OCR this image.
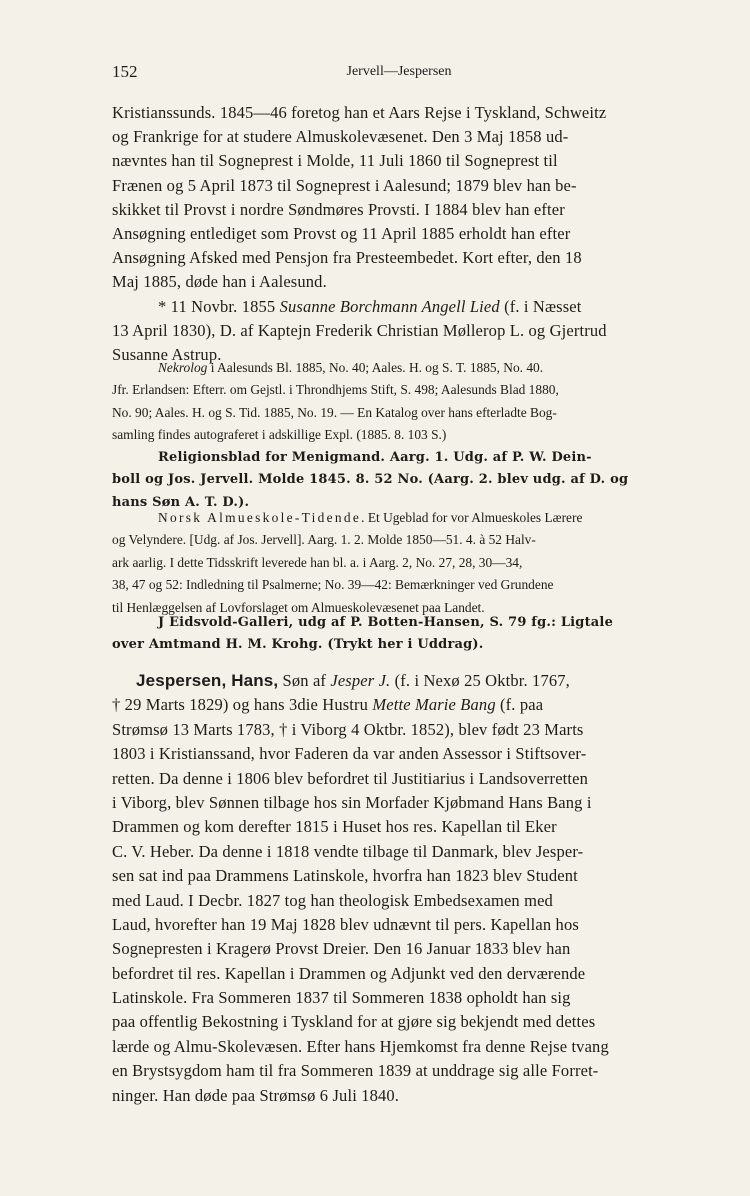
152	Jervell—Jespersen
Kristianssunds. 1845—46 foretog han et Aars Rejse i Tyskland, Schweitz
og Frankrige for at studere Almuskolevæsenet. Den 3 Maj 1858 ud-
nævntes han til Sogneprest i Molde, 11 Juli 1860 til Sogneprest til
Frænen og 5 April 1873 til Sogneprest i Aalesund; 1879 blev han be-
skikket til Provst i nordre Søndmøres Provsti. I 1884 blev han efter
Ansøgning entlediget som Provst og 11 April 1885 erholdt han efter
Ansøgning Afsked med Pensjon fra Presteembedet. Kort efter, den 18
Maj 1885, døde han i Aalesund.
* 11 Novbr. 1855 Susanne Borchmann Angell Lied (f. i Næsset
13 April 1830), D. af Kaptejn Frederik Christian Møllerop L. og Gjertrud
Susanne Astrup.
Nekrolog i Aalesunds Bl. 1885, No. 40; Aales. H. og S. T. 1885, No. 40.
Jfr. Erlandsen: Efterr. om Gejstl. i Throndhjems Stift, S. 498; Aalesunds Blad 1880,
No. 90; Aales. H. og S. Tid. 1885, No. 19. — En Katalog over hans efterladte Bog-
samling findes autograferet i adskillige Expl. (1885. 8. 103 S.)
Religionsblad for Menigmand. Aarg. 1. Udg. af P. W. Dein-
boll og Jos. Jervell. Molde 1845. 8. 52 No. (Aarg. 2. blev udg. af D. og
hans Søn A. T. D.).
Norsk Almueskole-Tidende. Et Ugeblad for vor Almueskoles Lærere
og Velyndere. [Udg. af Jos. Jervell]. Aarg. 1. 2. Molde 1850—51. 4. à 52 Halv-
ark aarlig. I dette Tidsskrift leverede han bl. a. i Aarg. 2, No. 27, 28, 30—34,
38, 47 og 52: Indledning til Psalmerne; No. 39—42: Bemærkninger ved Grundene
til Henlæggelsen af Lovforslaget om Almueskolevæsenet paa Landet.
J Eidsvold-Galleri, udg af P. Botten-Hansen, S. 79 fg.: Ligtale
over Amtmand H. M. Krohg. (Trykt her i Uddrag).
Jespersen, Hans, Søn af Jesper J. (f. i Nexø 25 Oktbr. 1767,
† 29 Marts 1829) og hans 3die Hustru Mette Marie Bang (f. paa
Strømsø 13 Marts 1783, † i Viborg 4 Oktbr. 1852), blev født 23 Marts
1803 i Kristianssand, hvor Faderen da var anden Assessor i Stiftsover-
retten. Da denne i 1806 blev befordret til Justitiarius i Landsoverretten
i Viborg, blev Sønnen tilbage hos sin Morfader Kjøbmand Hans Bang i
Drammen og kom derefter 1815 i Huset hos res. Kapellan til Eker
C. V. Heber. Da denne i 1818 vendte tilbage til Danmark, blev Jesper-
sen sat ind paa Drammens Latinskole, hvorfra han 1823 blev Student
med Laud. I Decbr. 1827 tog han theologisk Embedsexamen med
Laud, hvorefter han 19 Maj 1828 blev udnævnt til pers. Kapellan hos
Sognepresten i Kragerø Provst Dreier. Den 16 Januar 1833 blev han
befordret til res. Kapellan i Drammen og Adjunkt ved den derværende
Latinskole. Fra Sommeren 1837 til Sommeren 1838 opholdt han sig
paa offentlig Bekostning i Tyskland for at gjøre sig bekjendt med dettes
lærde og Almu-Skolevæsen. Efter hans Hjemkomst fra denne Rejse tvang
en Brystsygdom ham til fra Sommeren 1839 at unddrage sig alle Forret-
ninger. Han døde paa Strømsø 6 Juli 1840.
